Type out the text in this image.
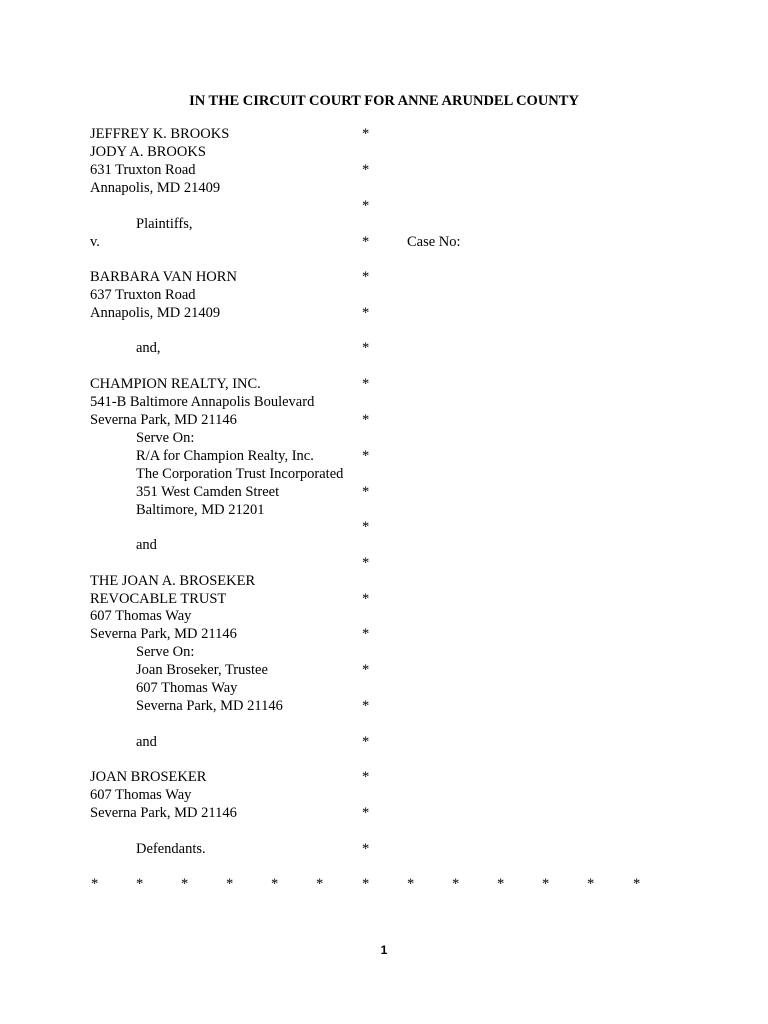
IN THE CIRCUIT COURT FOR ANNE ARUNDEL COUNTY
JEFFREY K. BROOKS
JODY A. BROOKS
631 Truxton Road
Annapolis, MD 21409
Plaintiffs,
v.
BARBARA VAN HORN
637 Truxton Road
Annapolis, MD 21409
and,
CHAMPION REALTY, INC.
541-B Baltimore Annapolis Boulevard
Severna Park, MD 21146
Serve On:
R/A for Champion Realty, Inc.
The Corporation Trust Incorporated
351 West Camden Street
Baltimore, MD 21201
and
THE JOAN A. BROSEKER
REVOCABLE TRUST
607 Thomas Way
Severna Park, MD 21146
Serve On:
Joan Broseker, Trustee
607 Thomas Way
Severna Park, MD 21146
and
JOAN BROSEKER
607 Thomas Way
Severna Park, MD 21146
Defendants.
Case No:
*
*
*
*
*
*
*
*
*
*
*
*
*
*
*
*
*
*
*
*
*
*	*	*	*	*	*	*	*	*	*	*	*	*
1
